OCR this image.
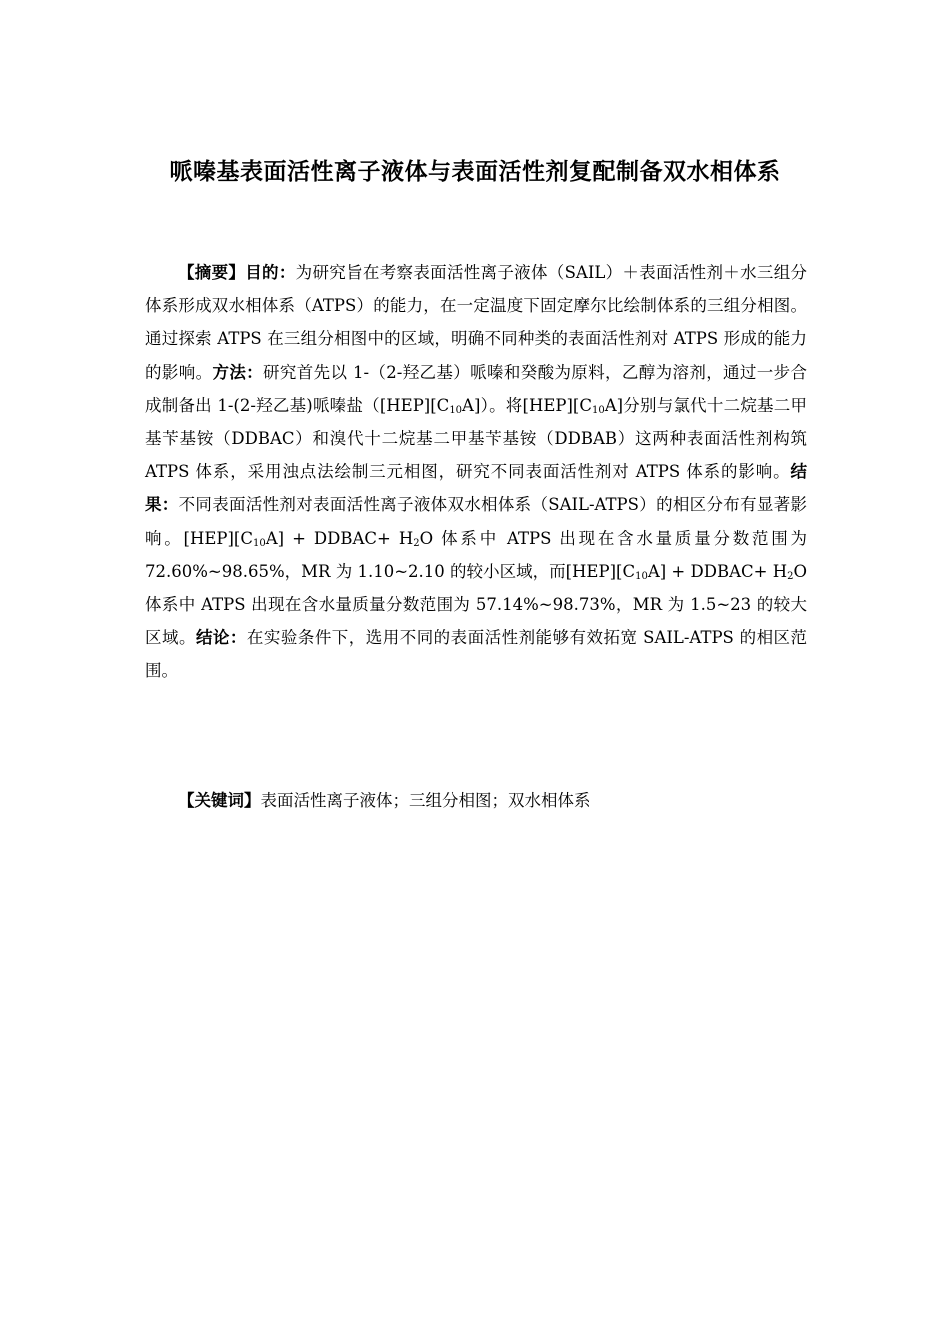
哌嗪基表面活性离子液体与表面活性剂复配制备双水相体系
【摘要】目的：为研究旨在考察表面活性离子液体（SAIL）＋表面活性剂＋水三组分体系形成双水相体系（ATPS）的能力，在一定温度下固定摩尔比绘制体系的三组分相图。通过探索 ATPS 在三组分相图中的区域，明确不同种类的表面活性剂对 ATPS 形成的能力的影响。方法：研究首先以 1-（2-羟乙基）哌嗪和癸酸为原料，乙醇为溶剂，通过一步合成制备出 1-(2-羟乙基)哌嗪盐$([HEP][C_{10}A])$。将$[HEP][C_{10}A]$分别与氯代十二烷基二甲基苄基铵（DDBAC）和溴代十二烷基二甲基苄基铵（DDBAB）这两种表面活性剂构筑 ATPS 体系，采用浊点法绘制三元相图，研究不同表面活性剂对 ATPS 体系的影响。结果：不同表面活性剂对表面活性离子液体双水相体系（SAIL-ATPS）的相区分布有显著影响。$[HEP][C_{10}A]$ + DDBAC+ $H_2O$ 体系中 ATPS 出现在含水量质量分数范围为 72.60%~98.65%，MR 为 1.10~2.10 的较小区域，而$[HEP][C_{10}A]$ + DDBAC+ $H_2O$ 体系中 ATPS 出现在含水量质量分数范围为 57.14%~98.73%，MR 为 1.5~23 的较大区域。结论：在实验条件下，选用不同的表面活性剂能够有效拓宽 SAIL-ATPS 的相区范围。
【关键词】表面活性离子液体；三组分相图；双水相体系
